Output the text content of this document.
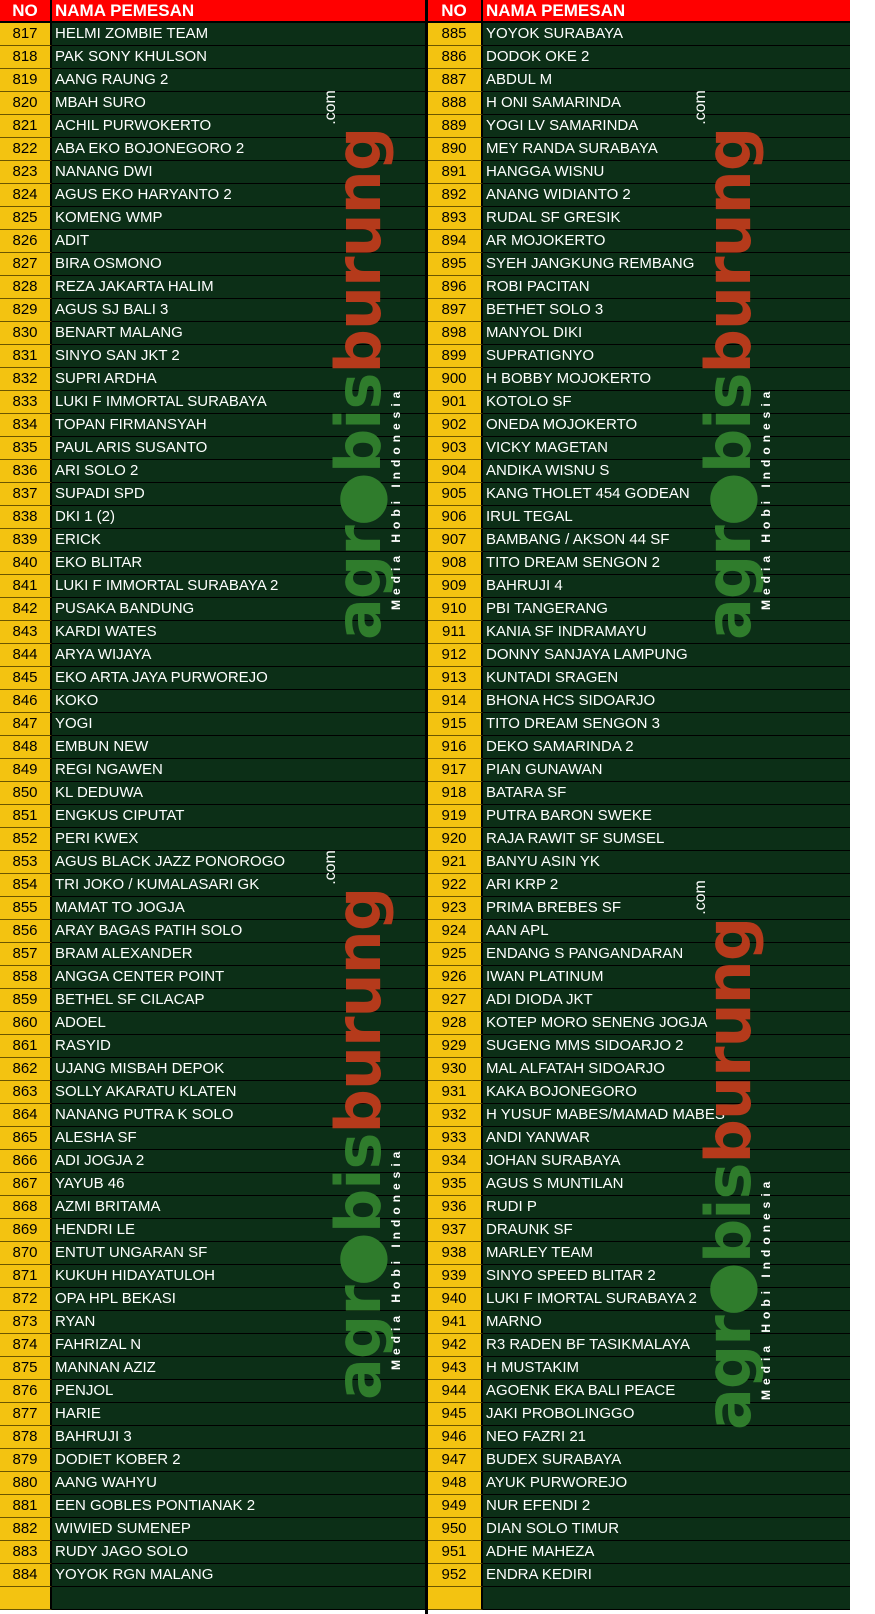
NO	NAMA PEMESAN
817	HELMI ZOMBIE TEAM
818	PAK SONY KHULSON
819	AANG RAUNG 2
820	MBAH SURO
821	ACHIL PURWOKERTO
822	ABA EKO BOJONEGORO 2
823	NANANG DWI
824	AGUS EKO HARYANTO 2
825	KOMENG WMP
826	ADIT
827	BIRA OSMONO
828	REZA JAKARTA HALIM
829	AGUS SJ BALI 3
830	BENART MALANG
831	SINYO SAN JKT 2
832	SUPRI ARDHA
833	LUKI F IMMORTAL SURABAYA
834	TOPAN FIRMANSYAH
835	PAUL ARIS SUSANTO
836	ARI SOLO 2
837	SUPADI SPD
838	DKI 1 (2)
839	ERICK
840	EKO BLITAR
841	LUKI F IMMORTAL SURABAYA 2
842	PUSAKA BANDUNG
843	KARDI WATES
844	ARYA WIJAYA
845	EKO ARTA JAYA PURWOREJO
846	KOKO
847	YOGI
848	EMBUN NEW
849	REGI NGAWEN
850	KL DEDUWA
851	ENGKUS CIPUTAT
852	PERI KWEX
853	AGUS BLACK JAZZ PONOROGO
854	TRI JOKO / KUMALASARI GK
855	MAMAT TO JOGJA
856	ARAY BAGAS PATIH SOLO
857	BRAM ALEXANDER
858	ANGGA CENTER POINT
859	BETHEL SF CILACAP
860	ADOEL
861	RASYID
862	UJANG MISBAH DEPOK
863	SOLLY AKARATU KLATEN
864	NANANG PUTRA K SOLO
865	ALESHA SF
866	ADI JOGJA 2
867	YAYUB 46
868	AZMI BRITAMA
869	HENDRI LE
870	ENTUT UNGARAN SF
871	KUKUH HIDAYATULOH
872	OPA HPL BEKASI
873	RYAN
874	FAHRIZAL N
875	MANNAN AZIZ
876	PENJOL
877	HARIE
878	BAHRUJI 3
879	DODIET KOBER 2
880	AANG WAHYU
881	EEN GOBLES PONTIANAK 2
882	WIWIED SUMENEP
883	RUDY JAGO SOLO
884	YOYOK RGN MALANG
NO	NAMA PEMESAN
885	YOYOK SURABAYA
886	DODOK OKE 2
887	ABDUL M
888	H ONI SAMARINDA
889	YOGI LV SAMARINDA
890	MEY RANDA SURABAYA
891	HANGGA WISNU
892	ANANG WIDIANTO 2
893	RUDAL SF GRESIK
894	AR MOJOKERTO
895	SYEH JANGKUNG REMBANG
896	ROBI PACITAN
897	BETHET SOLO 3
898	MANYOL DIKI
899	SUPRATIGNYO
900	H BOBBY MOJOKERTO
901	KOTOLO SF
902	ONEDA MOJOKERTO
903	VICKY MAGETAN
904	ANDIKA WISNU S
905	KANG THOLET 454 GODEAN
906	IRUL TEGAL
907	BAMBANG / AKSON 44 SF
908	TITO DREAM SENGON 2
909	BAHRUJI 4
910	PBI TANGERANG
911	KANIA SF INDRAMAYU
912	DONNY SANJAYA LAMPUNG
913	KUNTADI SRAGEN
914	BHONA HCS SIDOARJO
915	TITO DREAM SENGON 3
916	DEKO SAMARINDA 2
917	PIAN GUNAWAN
918	BATARA SF
919	PUTRA BARON SWEKE
920	RAJA RAWIT SF SUMSEL
921	BANYU ASIN YK
922	ARI KRP 2
923	PRIMA BREBES SF
924	AAN APL
925	ENDANG S PANGANDARAN
926	IWAN PLATINUM
927	ADI DIODA JKT
928	KOTEP MORO SENENG JOGJA
929	SUGENG MMS SIDOARJO 2
930	MAL ALFATAH SIDOARJO
931	KAKA BOJONEGORO
932	H YUSUF MABES/MAMAD MABES
933	ANDI YANWAR
934	JOHAN SURABAYA
935	AGUS S MUNTILAN
936	RUDI P
937	DRAUNK SF
938	MARLEY TEAM
939	SINYO SPEED BLITAR 2
940	LUKI F IMORTAL SURABAYA 2
941	MARNO
942	R3 RADEN BF TASIKMALAYA
943	H MUSTAKIM
944	AGOENK EKA BALI PEACE
945	JAKI PROBOLINGGO
946	NEO FAZRI 21
947	BUDEX SURABAYA
948	AYUK PURWOREJO
949	NUR EFENDI 2
950	DIAN SOLO TIMUR
951	ADHE MAHEZA
952	ENDRA KEDIRI
agr●bisburung.com
Media Hobi Indonesia	agr●bisburung.com
Media Hobi Indonesia
agr●bisburung.com
Media Hobi Indonesia
agr●bisburung.com
Media Hobi Indonesia
